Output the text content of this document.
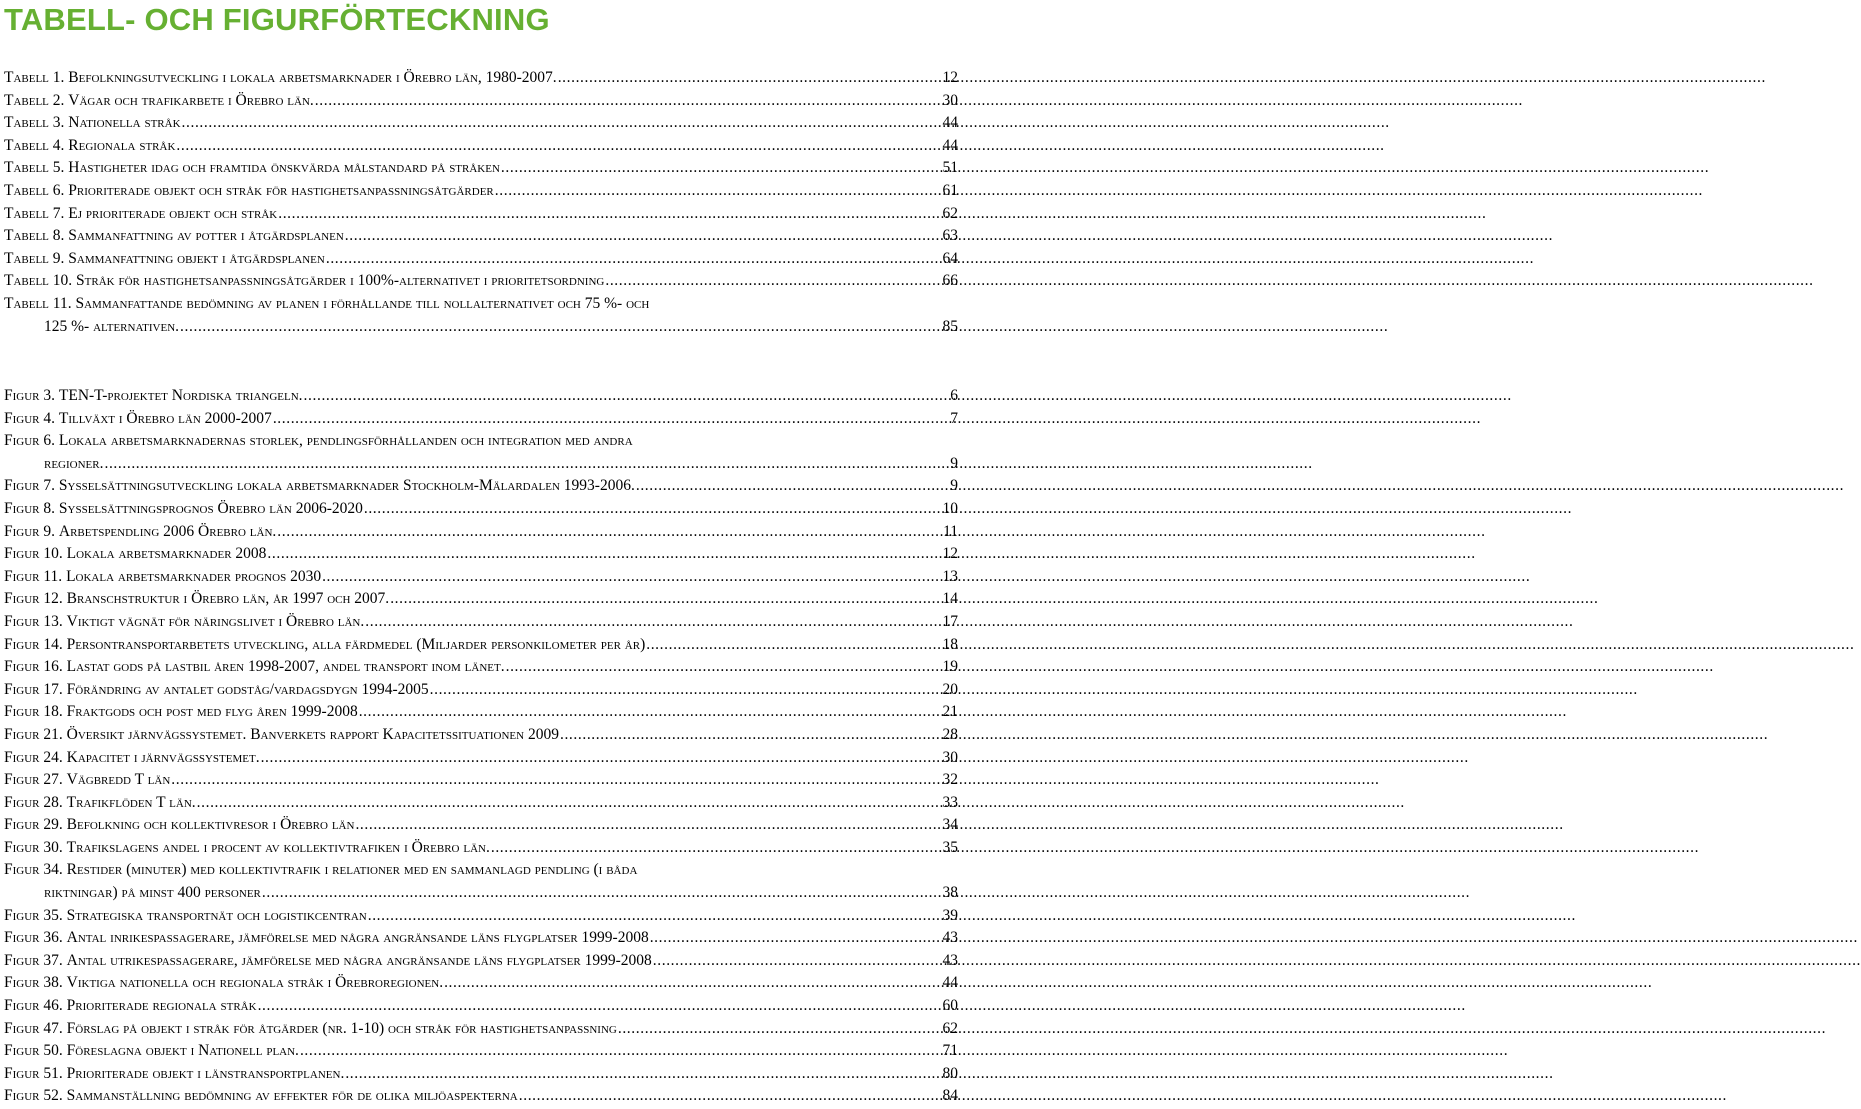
TABELL- OCH FIGURFÖRTECKNING
Tabell 1. Befolkningsutveckling i lokala arbetsmarknader i Örebro län, 1980-2007. .....	12
Tabell 2. Vägar och trafikarbete i Örebro län. .....	30
Tabell 3. Nationella stråk .....	44
Tabell 4. Regionala stråk .....	44
Tabell 5. Hastigheter idag och framtida önskvärda målstandard på stråken .....	51
Tabell 6. Prioriterade objekt och stråk för hastighetsanpassningsåtgärder .....	61
Tabell 7. Ej prioriterade objekt och stråk .....	62
Tabell 8. Sammanfattning av potter i åtgärdsplanen .....	63
Tabell 9. Sammanfattning objekt i åtgärdsplanen .....	64
Tabell 10. Stråk för hastighetsanpassningsåtgärder i 100%-alternativet i prioritetsordning .....	66
Tabell 11. Sammanfattande bedömning av planen i förhållande till nollalternativet och 75 %- och
125 %- alternativen. .....	85
Figur 3. TEN-T-projektet Nordiska triangeln. .....	6
Figur 4. Tillväxt i Örebro län 2000-2007 .....	7
Figur 6. Lokala arbetsmarknadernas storlek, pendlingsförhållanden och integration med andra
regioner. .....	9
Figur 7. Sysselsättningsutveckling lokala arbetsmarknader Stockholm-Mälardalen 1993-2006. .....	9
Figur 8. Sysselsättningsprognos Örebro län 2006-2020 .....	10
Figur 9. Arbetspendling 2006 Örebro län. .....	11
Figur 10. Lokala arbetsmarknader 2008 .....	12
Figur 11. Lokala arbetsmarknader prognos 2030 .....	13
Figur 12. Branschstruktur i Örebro län, år 1997 och 2007. .....	14
Figur 13. Viktigt vägnät för näringslivet i Örebro län. .....	17
Figur 14. Persontransportarbetets utveckling, alla färdmedel (Miljarder personkilometer per år) .....	18
Figur 16. Lastat gods på lastbil åren 1998-2007, andel transport inom länet. .....	19
Figur 17. Förändring av antalet godståg/vardagsdygn 1994-2005 .....	20
Figur 18. Fraktgods och post med flyg åren 1999-2008 .....	21
Figur 21. Översikt järnvägssystemet. Banverkets rapport Kapacitetssituationen 2009 .....	28
Figur 24. Kapacitet i järnvägssystemet. .....	30
Figur 27. Vägbredd T län .....	32
Figur 28. Trafikflöden T län. .....	33
Figur 29. Befolkning och kollektivresor i Örebro län .....	34
Figur 30. Trafikslagens andel i procent av kollektivtrafiken i Örebro län. .....	35
Figur 34. Restider (minuter) med kollektivtrafik i relationer med en sammanlagd pendling (i båda
riktningar) på minst 400 personer .....	38
Figur 35. Strategiska transportnät och logistikcentran .....	39
Figur 36. Antal inrikespassagerare, jämförelse med några angränsande läns flygplatser 1999-2008 .....	43
Figur 37. Antal utrikespassagerare, jämförelse med några angränsande läns flygplatser 1999-2008 .....	43
Figur 38. Viktiga nationella och regionala stråk i Örebroregionen. .....	44
Figur 46. Prioriterade regionala stråk .....	60
Figur 47. Förslag på objekt i stråk för åtgärder (nr. 1-10) och stråk för hastighetsanpassning .....	62
Figur 50. Föreslagna objekt i Nationell plan. .....	71
Figur 51. Prioriterade objekt i länstransportplanen. .....	80
Figur 52. Sammanställning bedömning av effekter för de olika miljöaspekterna .....	84
